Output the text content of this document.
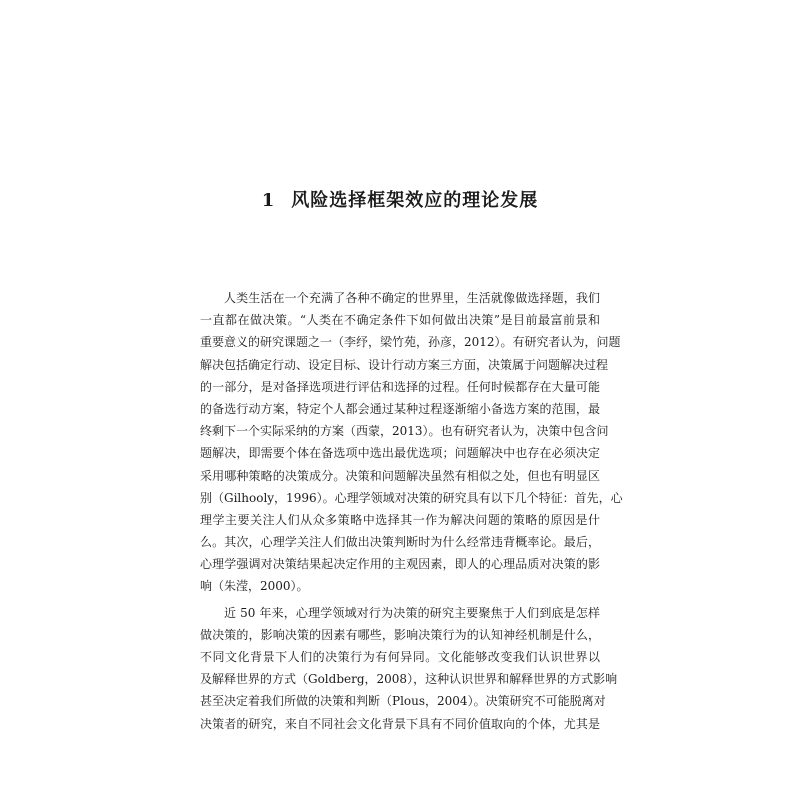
1 风险选择框架效应的理论发展
人类生活在一个充满了各种不确定的世界里，生活就像做选择题，我们
一直都在做决策。“人类在不确定条件下如何做出决策”是目前最富前景和
重要意义的研究课题之一（李纾，梁竹苑，孙彦，2012）。有研究者认为，问题
解决包括确定行动、设定目标、设计行动方案三方面，决策属于问题解决过程
的一部分，是对备择选项进行评估和选择的过程。任何时候都存在大量可能
的备选行动方案，特定个人都会通过某种过程逐渐缩小备选方案的范围，最
终剩下一个实际采纳的方案（西蒙，2013）。也有研究者认为，决策中包含问
题解决，即需要个体在备选项中选出最优选项；问题解决中也存在必须决定
采用哪种策略的决策成分。决策和问题解决虽然有相似之处，但也有明显区
别（Gilhooly，1996）。心理学领域对决策的研究具有以下几个特征：首先，心
理学主要关注人们从众多策略中选择其一作为解决问题的策略的原因是什
么。其次，心理学关注人们做出决策判断时为什么经常违背概率论。最后，
心理学强调对决策结果起决定作用的主观因素，即人的心理品质对决策的影
响（朱滢，2000）。
近 50 年来，心理学领域对行为决策的研究主要聚焦于人们到底是怎样
做决策的，影响决策的因素有哪些，影响决策行为的认知神经机制是什么，
不同文化背景下人们的决策行为有何异同。文化能够改变我们认识世界以
及解释世界的方式（Goldberg，2008），这种认识世界和解释世界的方式影响
甚至决定着我们所做的决策和判断（Plous，2004）。决策研究不可能脱离对
决策者的研究，来自不同社会文化背景下具有不同价值取向的个体，尤其是
